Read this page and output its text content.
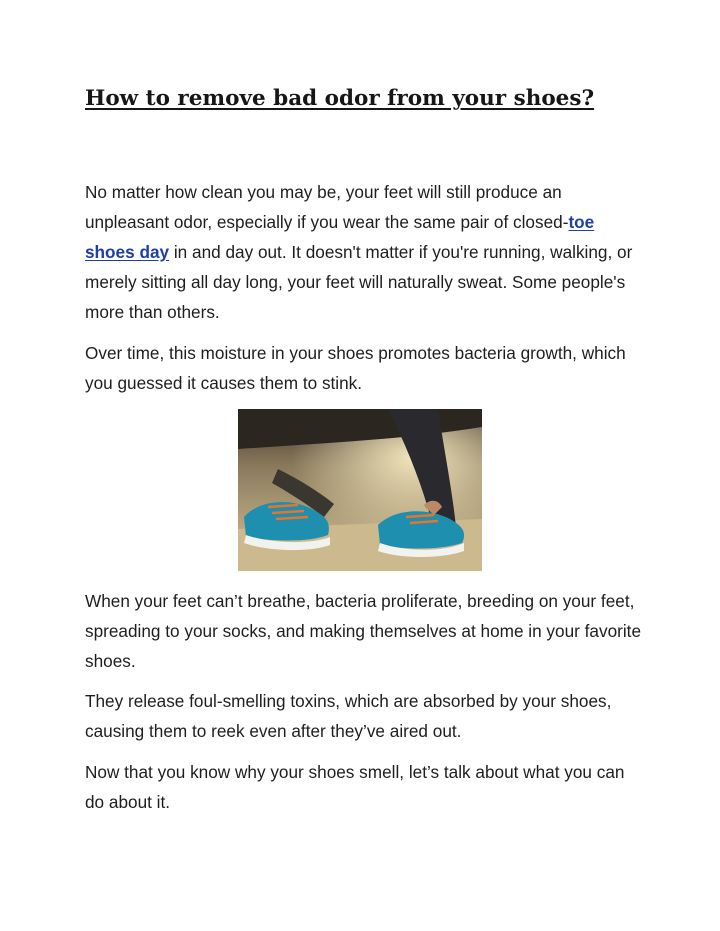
How to remove bad odor from your shoes?

No matter how clean you may be, your feet will still produce an unpleasant odor, especially if you wear the same pair of closed-toe shoes day in and day out. It doesn't matter if you're running, walking, or merely sitting all day long, your feet will naturally sweat. Some people's more than others.

Over time, this moisture in your shoes promotes bacteria growth, which you guessed it causes them to stink.

When your feet can’t breathe, bacteria proliferate, breeding on your feet, spreading to your socks, and making themselves at home in your favorite shoes.

They release foul-smelling toxins, which are absorbed by your shoes, causing them to reek even after they’ve aired out.

Now that you know why your shoes smell, let’s talk about what you can do about it.
